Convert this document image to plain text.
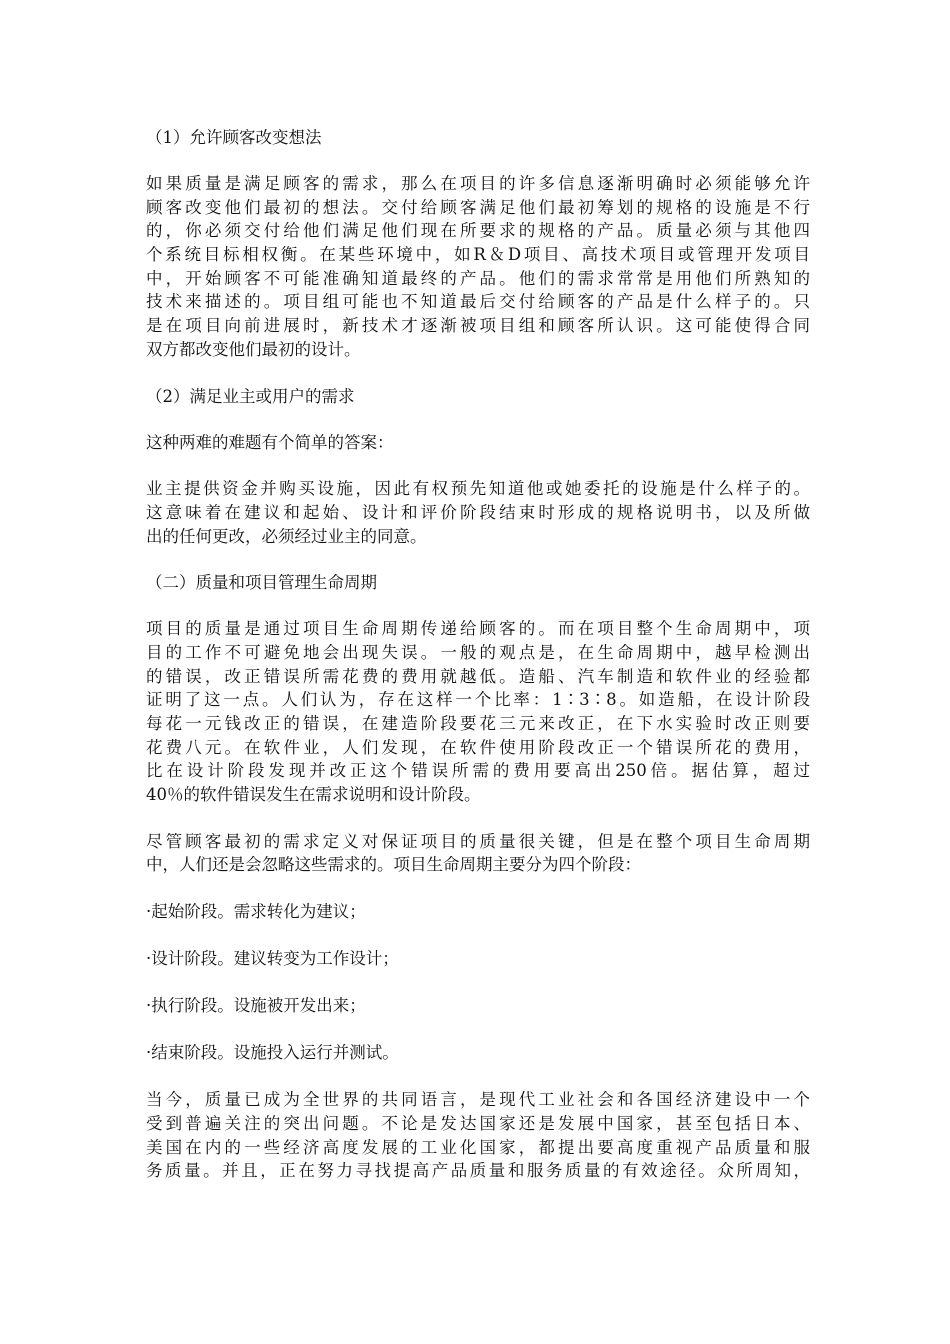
（1）允许顾客改变想法
如果质量是满足顾客的需求，那么在项目的许多信息逐渐明确时必须能够允许
顾客改变他们最初的想法。交付给顾客满足他们最初筹划的规格的设施是不行
的，你必须交付给他们满足他们现在所要求的规格的产品。质量必须与其他四
个系统目标相权衡。在某些环境中，如R＆D项目、高技术项目或管理开发项目
中，开始顾客不可能准确知道最终的产品。他们的需求常常是用他们所熟知的
技术来描述的。项目组可能也不知道最后交付给顾客的产品是什么样子的。只
是在项目向前进展时，新技术才逐渐被项目组和顾客所认识。这可能使得合同
双方都改变他们最初的设计。
（2）满足业主或用户的需求
这种两难的难题有个简单的答案：
业主提供资金并购买设施，因此有权预先知道他或她委托的设施是什么样子的。
这意味着在建议和起始、设计和评价阶段结束时形成的规格说明书，以及所做
出的任何更改，必须经过业主的同意。
（二）质量和项目管理生命周期
项目的质量是通过项目生命周期传递给顾客的。而在项目整个生命周期中，项
目的工作不可避免地会出现失误。一般的观点是，在生命周期中，越早检测出
的错误，改正错误所需花费的费用就越低。造船、汽车制造和软件业的经验都
证明了这一点。人们认为，存在这样一个比率：1∶3∶8。如造船，在设计阶段
每花一元钱改正的错误，在建造阶段要花三元来改正，在下水实验时改正则要
花费八元。在软件业，人们发现，在软件使用阶段改正一个错误所花的费用，
比在设计阶段发现并改正这个错误所需的费用要高出250倍。据估算，超过
40％的软件错误发生在需求说明和设计阶段。
尽管顾客最初的需求定义对保证项目的质量很关键，但是在整个项目生命周期
中，人们还是会忽略这些需求的。项目生命周期主要分为四个阶段：
·起始阶段。需求转化为建议；
·设计阶段。建议转变为工作设计；
·执行阶段。设施被开发出来；
·结束阶段。设施投入运行并测试。
当今，质量已成为全世界的共同语言，是现代工业社会和各国经济建设中一个
受到普遍关注的突出问题。不论是发达国家还是发展中国家，甚至包括日本、
美国在内的一些经济高度发展的工业化国家，都提出要高度重视产品质量和服
务质量。并且，正在努力寻找提高产品质量和服务质量的有效途径。众所周知，
